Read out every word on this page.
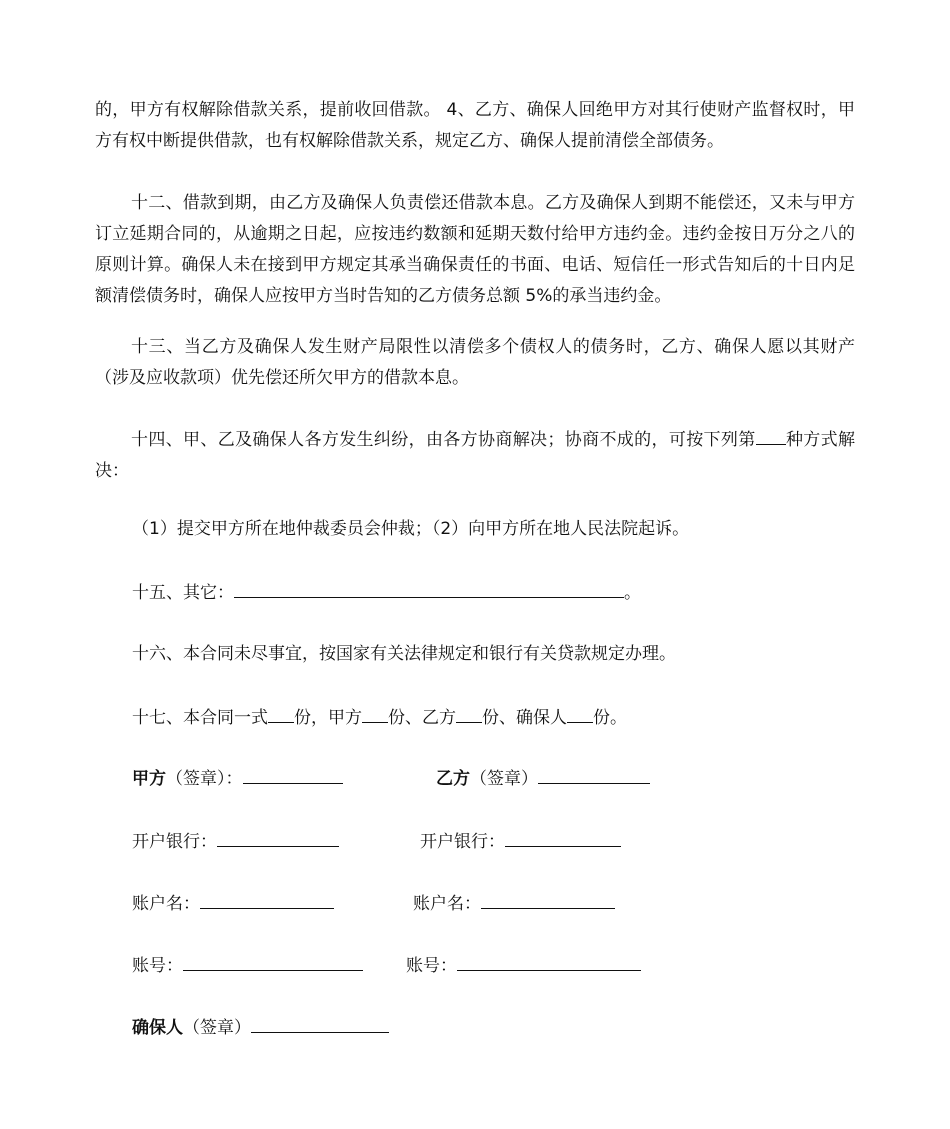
的，甲方有权解除借款关系，提前收回借款。 4、乙方、确保人回绝甲方对其行使财产监督权时，甲方有权中断提供借款，也有权解除借款关系，规定乙方、确保人提前清偿全部债务。

十二、借款到期，由乙方及确保人负责偿还借款本息。乙方及确保人到期不能偿还，又未与甲方订立延期合同的，从逾期之日起，应按违约数额和延期天数付给甲方违约金。违约金按日万分之八的原则计算。确保人未在接到甲方规定其承当确保责任的书面、电话、短信任一形式告知后的十日内足额清偿债务时，确保人应按甲方当时告知的乙方债务总额 5%的承当违约金。

十三、当乙方及确保人发生财产局限性以清偿多个债权人的债务时，乙方、确保人愿以其财产（涉及应收款项）优先偿还所欠甲方的借款本息。

十四、甲、乙及确保人各方发生纠纷，由各方协商解决；协商不成的，可按下列第 种方式解决：

（1）提交甲方所在地仲裁委员会仲裁；（2）向甲方所在地人民法院起诉。

十五、其它：	。

十六、本合同未尽事宜，按国家有关法律规定和银行有关贷款规定办理。

十七、本合同一式 份，甲方 份、乙方 份、确保人 份。

甲方（签章）：	乙方（签章）

开户银行：	开户银行：

账户名：	账户名：

账号：	账号：

确保人（签章）
